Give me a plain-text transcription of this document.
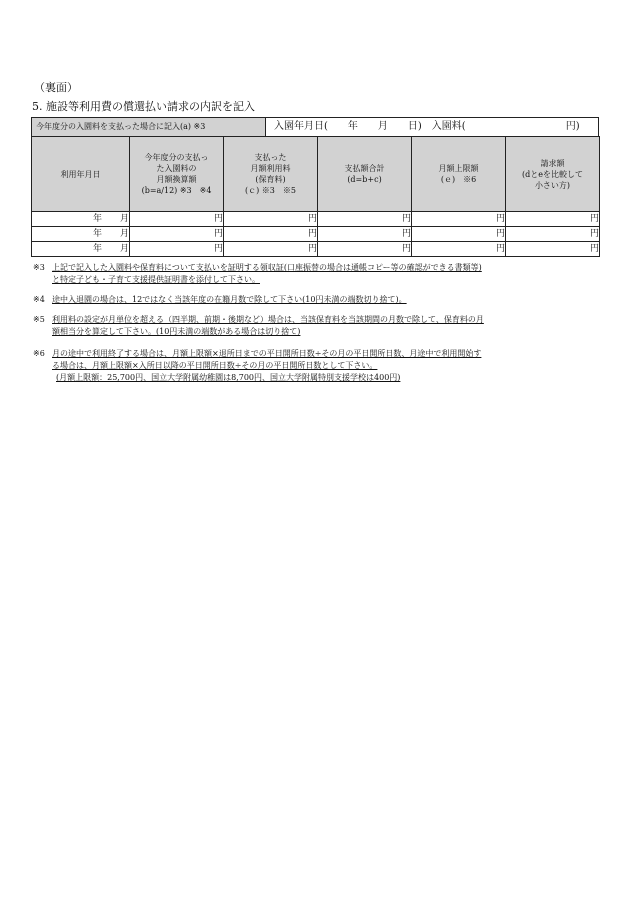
（裏面）
5. 施設等利用費の償還払い請求の内訳を記入
今年度分の入園料を支払った場合に記入(a) ※3	入園年月日(　　年　　月　　日)　入園料(　　　　　　　　　　円)
利用年月日	今年度分の支払っ
た入園料の
月額換算額
(b=a/12) ※3　※4	支払った
月額利用料
(保育料)
(ｃ) ※3　※5	支払額合計
(d=b+c)	月額上限額
(ｅ)　※6	請求額
(dとeを比較して
小さい方)

年　　月	円	円	円	円	円
年　　月	円	円	円	円	円
年　　月	円	円	円	円	円
※3 上記で記入した入園料や保育料について支払いを証明する領収証(口座振替の場合は通帳コピー等の確認ができる書類等)
と特定子ども・子育て支援提供証明書を添付して下さい。
※4 途中入退園の場合は、12ではなく当該年度の在籍月数で除して下さい(10円未満の端数切り捨て)。
※5 利用料の設定が月単位を超える（四半期、前期・後期など）場合は、当該保育料を当該期間の月数で除して、保育料の月
額相当分を算定して下さい。(10円未満の端数がある場合は切り捨て)
※6 月の途中で利用終了する場合は、月額上限額×退所日までの平日開所日数÷その月の平日開所日数、月途中で利用開始す
る場合は、月額上限額×入所日以降の平日開所日数÷その月の平日開所日数として下さい。
(月額上限額：25,700円、国立大学附属幼稚園は8,700円、国立大学附属特別支援学校は400円)
